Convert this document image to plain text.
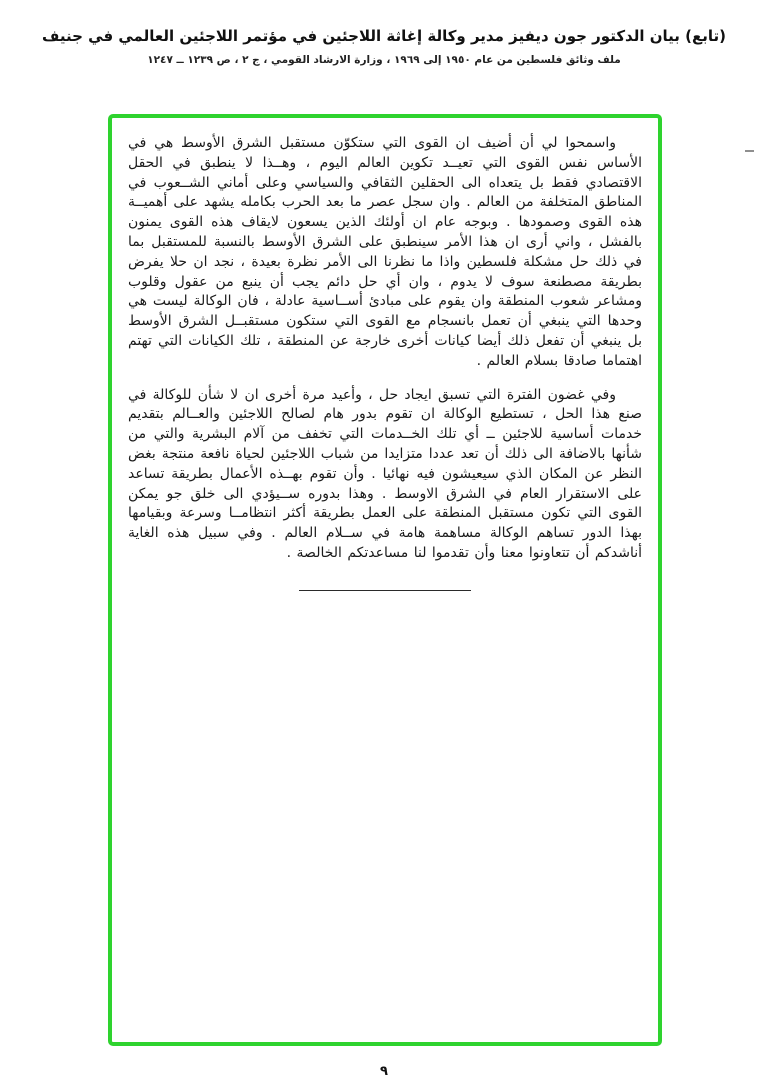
(تابع) بيان الدكتور جون ديفيز مدير وكالة إغاثة اللاجئين في مؤتمر اللاجئين العالمي في جنيف
ملف وثائق فلسطين من عام ١٩٥٠ إلى ١٩٦٩ ، وزارة الارشاد القومي ، ج ٢ ، ص ١٢٣٩ ــ ١٢٤٧

واسمحوا لي أن أضيف ان القوى التي ستكوّن مستقبل الشرق الأوسط هي في الأساس نفس القوى التي تعيــد تكوين العالم اليوم ، وهــذا لا ينطبق في الحقل الاقتصادي فقط بل يتعداه الى الحقلين الثقافي والسياسي وعلى أماني الشــعوب في المناطق المتخلفة من العالم . وان سجل عصر ما بعد الحرب بكامله يشهد على أهميــة هذه القوى وصمودها . وبوجه عام ان أولئك الذين يسعون لايقاف هذه القوى يمنون بالفشل ، واني أرى ان هذا الأمر سينطبق على الشرق الأوسط بالنسبة للمستقبل بما في ذلك حل مشكلة فلسطين واذا ما نظرنا الى الأمر نظرة بعيدة ، نجد ان حلا يفرض بطريقة مصطنعة سوف لا يدوم ، وان أي حل دائم يجب أن ينبع من عقول وقلوب ومشاعر شعوب المنطقة وان يقوم على مبادئ أســاسية عادلة ، فان الوكالة ليست هي وحدها التي ينبغي أن تعمل بانسجام مع القوى التي ستكون مستقبــل الشرق الأوسط بل ينبغي أن تفعل ذلك أيضا كيانات أخرى خارجة عن المنطقة ، تلك الكيانات التي تهتم اهتماما صادقا بسلام العالم .

وفي غضون الفترة التي تسبق ايجاد حل ، وأعيد مرة أخرى ان لا شأن للوكالة في صنع هذا الحل ، تستطيع الوكالة ان تقوم بدور هام لصالح اللاجئين والعــالم بتقديم خدمات أساسية للاجئين ــ أي تلك الخــدمات التي تخفف من آلام البشرية والتي من شأنها بالاضافة الى ذلك أن تعد عددا متزايدا من شباب اللاجئين لحياة نافعة منتجة بغض النظر عن المكان الذي سيعيشون فيه نهائيا . وأن تقوم بهــذه الأعمال بطريقة تساعد على الاستقرار العام في الشرق الاوسط . وهذا بدوره ســيؤدي الى خلق جو يمكن القوى التي تكون مستقبل المنطقة على العمل بطريقة أكثر انتظامــا وسرعة وبقيامها بهذا الدور تساهم الوكالة مساهمة هامة في ســلام العالم . وفي سبيل هذه الغاية أناشدكم أن تتعاونوا معنا وأن تقدموا لنا مساعدتكم الخالصة .

٩
